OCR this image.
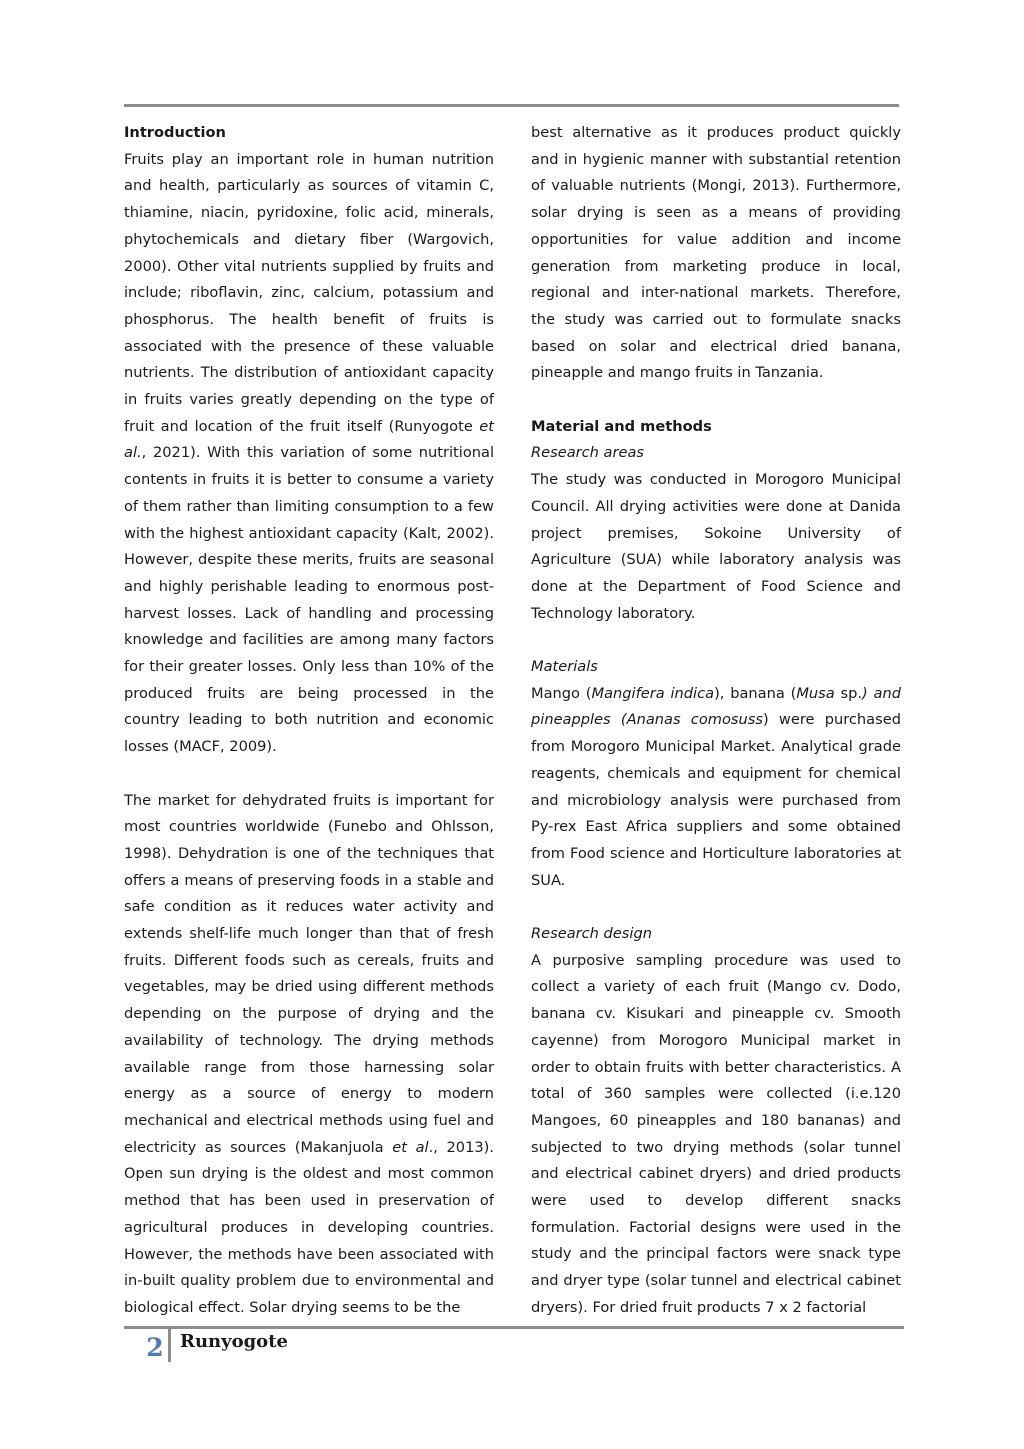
Introduction

Fruits play an important role in human nutrition and health, particularly as sources of vitamin C, thiamine, niacin, pyridoxine, folic acid, minerals, phytochemicals and dietary fiber (Wargovich, 2000). Other vital nutrients supplied by fruits and include; riboflavin, zinc, calcium, potassium and phosphorus. The health benefit of fruits is associated with the presence of these valuable nutrients. The distribution of antioxidant capacity in fruits varies greatly depending on the type of fruit and location of the fruit itself (Runyogote et al., 2021). With this variation of some nutritional contents in fruits it is better to consume a variety of them rather than limiting consumption to a few with the highest antioxidant capacity (Kalt, 2002). However, despite these merits, fruits are seasonal and highly perishable leading to enormous post-harvest losses. Lack of handling and processing knowledge and facilities are among many factors for their greater losses. Only less than 10% of the produced fruits are being processed in the country leading to both nutrition and economic losses (MACF, 2009).

The market for dehydrated fruits is important for most countries worldwide (Funebo and Ohlsson, 1998). Dehydration is one of the techniques that offers a means of preserving foods in a stable and safe condition as it reduces water activity and extends shelf-life much longer than that of fresh fruits. Different foods such as cereals, fruits and vegetables, may be dried using different methods depending on the purpose of drying and the availability of technology. The drying methods available range from those harnessing solar energy as a source of energy to modern mechanical and electrical methods using fuel and electricity as sources (Makanjuola et al., 2013). Open sun drying is the oldest and most common method that has been used in preservation of agricultural produces in developing countries. However, the methods have been associated with in-built quality problem due to environmental and biological effect. Solar drying seems to be the

best alternative as it produces product quickly and in hygienic manner with substantial retention of valuable nutrients (Mongi, 2013). Furthermore, solar drying is seen as a means of providing opportunities for value addition and income generation from marketing produce in local, regional and inter-national markets. Therefore, the study was carried out to formulate snacks based on solar and electrical dried banana, pineapple and mango fruits in Tanzania.

Material and methods

Research areas

The study was conducted in Morogoro Municipal Council. All drying activities were done at Danida project premises, Sokoine University of Agriculture (SUA) while laboratory analysis was done at the Department of Food Science and Technology laboratory.

Materials

Mango (Mangifera indica), banana (Musa sp.) and pineapples (Ananas comosuss) were purchased from Morogoro Municipal Market. Analytical grade reagents, chemicals and equipment for chemical and microbiology analysis were purchased from Py-rex East Africa suppliers and some obtained from Food science and Horticulture laboratories at SUA.

Research design

A purposive sampling procedure was used to collect a variety of each fruit (Mango cv. Dodo, banana cv. Kisukari and pineapple cv. Smooth cayenne) from Morogoro Municipal market in order to obtain fruits with better characteristics. A total of 360 samples were collected (i.e.120 Mangoes, 60 pineapples and 180 bananas) and subjected to two drying methods (solar tunnel and electrical cabinet dryers) and dried products were used to develop different snacks formulation. Factorial designs were used in the study and the principal factors were snack type and dryer type (solar tunnel and electrical cabinet dryers). For dried fruit products 7 x 2 factorial

2 Runyogote
